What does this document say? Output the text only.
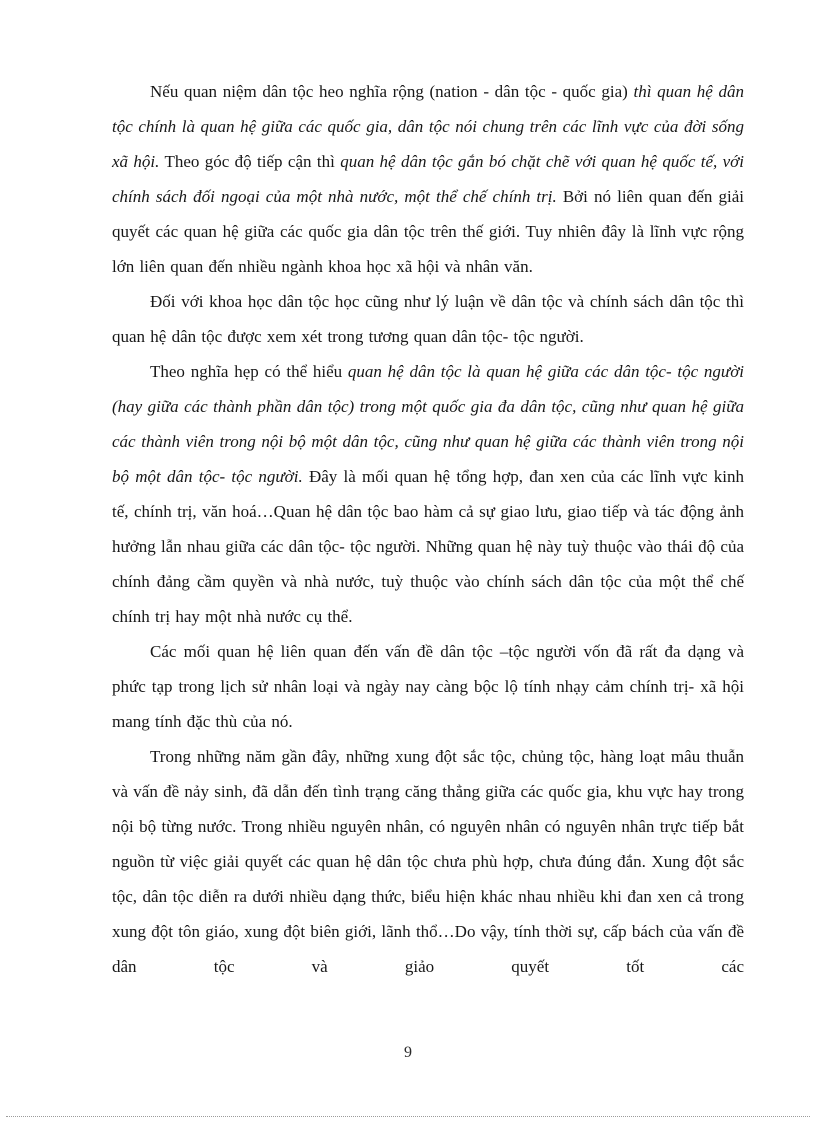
Nếu quan niệm dân tộc heo nghĩa rộng (nation - dân tộc - quốc gia) thì quan hệ dân tộc chính là quan hệ giữa các quốc gia, dân tộc nói chung trên các lĩnh vực của đời sống xã hội. Theo góc độ tiếp cận thì quan hệ dân tộc gắn bó chặt chẽ với quan hệ quốc tế, với chính sách đối ngoại của một nhà nước, một thể chế chính trị. Bởi nó liên quan đến giải quyết các quan hệ giữa các quốc gia dân tộc trên thế giới. Tuy nhiên đây là lĩnh vực rộng lớn liên quan đến nhiều ngành khoa học xã hội và nhân văn.

Đối với khoa học dân tộc học cũng như lý luận về dân tộc và chính sách dân tộc thì quan hệ dân tộc được xem xét trong tương quan dân tộc- tộc người.

Theo nghĩa hẹp có thể hiểu quan hệ dân tộc là quan hệ giữa các dân tộc- tộc người (hay giữa các thành phần dân tộc) trong một quốc gia đa dân tộc, cũng như quan hệ giữa các thành viên trong nội bộ một dân tộc, cũng như quan hệ giữa các thành viên trong nội bộ một dân tộc- tộc người. Đây là mối quan hệ tổng hợp, đan xen của các lĩnh vực kinh tế, chính trị, văn hoá…Quan hệ dân tộc bao hàm cả sự giao lưu, giao tiếp và tác động ảnh hưởng lẫn nhau giữa các dân tộc- tộc người. Những quan hệ này tuỳ thuộc vào thái độ của chính đảng cầm quyền và nhà nước, tuỳ thuộc vào chính sách dân tộc của một thể chế chính trị hay một nhà nước cụ thể.

Các mối quan hệ liên quan đến vấn đề dân tộc –tộc người vốn đã rất đa dạng và phức tạp trong lịch sử nhân loại và ngày nay càng bộc lộ tính nhạy cảm chính trị- xã hội mang tính đặc thù của nó.

Trong những năm gần đây, những xung đột sắc tộc, chủng tộc, hàng loạt mâu thuẫn và vấn đề nảy sinh, đã dẫn đến tình trạng căng thẳng giữa các quốc gia, khu vực hay trong nội bộ từng nước. Trong nhiều nguyên nhân, có nguyên nhân có nguyên nhân trực tiếp bắt nguồn từ việc giải quyết các quan hệ dân tộc chưa phù hợp, chưa đúng đắn. Xung đột sắc tộc, dân tộc diễn ra dưới nhiều dạng thức, biểu hiện khác nhau nhiều khi đan xen cả trong xung đột tôn giáo, xung đột biên giới, lãnh thổ…Do vậy, tính thời sự, cấp bách của vấn đề dân tộc và giảo quyết tốt các

9
